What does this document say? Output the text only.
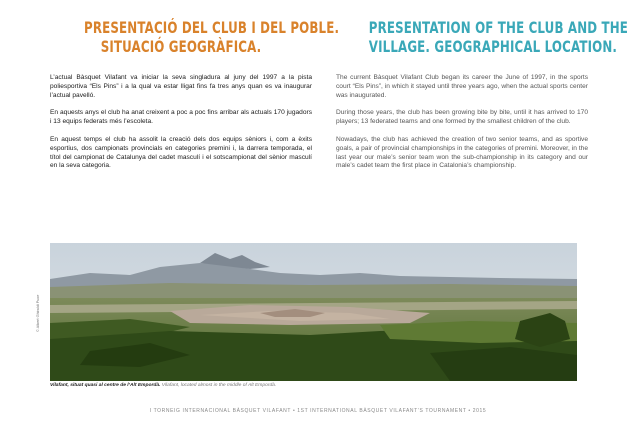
PRESENTACIÓ DEL CLUB I DEL POBLE.
SITUACIÓ GEOGRÀFICA.

L’actual Bàsquet Vilafant va iniciar la seva singladura al juny del 1997 a la pista poliesportiva “Els Pins” i a la qual va estar lligat fins fa tres anys quan es va inaugurar l’actual pavelló.

En aquests anys el club ha anat creixent a poc a poc fins arribar als actuals 170 jugadors i 13 equips federats més l’escoleta.

En aquest temps el club ha assolit la creació dels dos equips sèniors i, com a èxits esportius, dos campionats provincials en categories premini i, la darrera temporada, el títol del campionat de Catalunya del cadet masculí i el sotscampionat del sènior masculí en la seva categoria.

PRESENTATION OF THE CLUB AND THE
VILLAGE. GEOGRAPHICAL LOCATION.

The current Bàsquet Vilafant Club began its career the June of 1997, in the sports court “Els Pins”, in which it stayed until three years ago, when the actual sports center was inaugurated.

During those years, the club has been growing bite by bite, until it has arrived to 170 players; 13 federated teams and one formed by the smallest children of the club.

Nowadays, the club has achieved the creation of two senior teams, and as sportive goals, a pair of provincial championships in the categories of premini. Moreover, in the last year our male’s senior team won the sub-championship in its category and our male’s cadet team the first place in Catalonia’s championship.

© Albert Ghiraldi Puxe
Vilafant, situat quasi al centre de l’Alt Empordà. Vilafant, located almost in the middle of Alt Empordà.
I TORNEIG INTERNACIONAL BÀSQUET VILAFANT • 1ST INTERNATIONAL BÀSQUET VILAFANT’S TOURNAMENT • 2015
